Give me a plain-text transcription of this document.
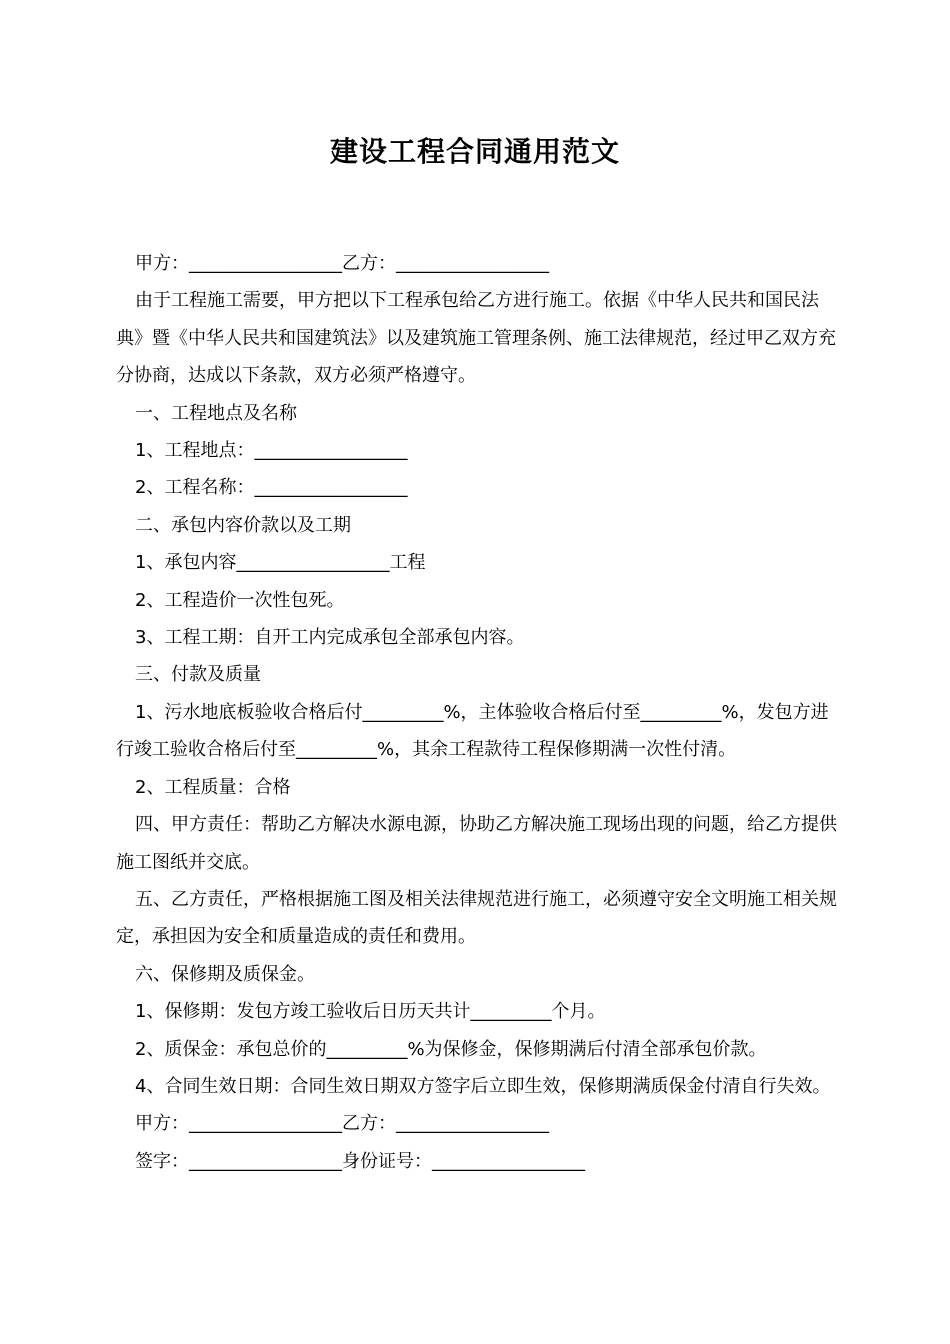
建设工程合同通用范文

甲方：_________________乙方：_________________

由于工程施工需要，甲方把以下工程承包给乙方进行施工。依据《中华人民共和国民法典》暨《中华人民共和国建筑法》以及建筑施工管理条例、施工法律规范，经过甲乙双方充分协商，达成以下条款，双方必须严格遵守。

一、工程地点及名称

1、工程地点：_________________

2、工程名称：_________________

二、承包内容价款以及工期

1、承包内容_________________工程

2、工程造价一次性包死。

3、工程工期：自开工内完成承包全部承包内容。

三、付款及质量

1、污水地底板验收合格后付_________%，主体验收合格后付至_________%，发包方进行竣工验收合格后付至_________%，其余工程款待工程保修期满一次性付清。

2、工程质量：合格

四、甲方责任：帮助乙方解决水源电源，协助乙方解决施工现场出现的问题，给乙方提供施工图纸并交底。

五、乙方责任，严格根据施工图及相关法律规范进行施工，必须遵守安全文明施工相关规定，承担因为安全和质量造成的责任和费用。

六、保修期及质保金。

1、保修期：发包方竣工验收后日历天共计_________个月。

2、质保金：承包总价的_________%为保修金，保修期满后付清全部承包价款。

4、合同生效日期：合同生效日期双方签字后立即生效，保修期满质保金付清自行失效。

甲方：_________________乙方：_________________

签字：_________________身份证号：_________________
